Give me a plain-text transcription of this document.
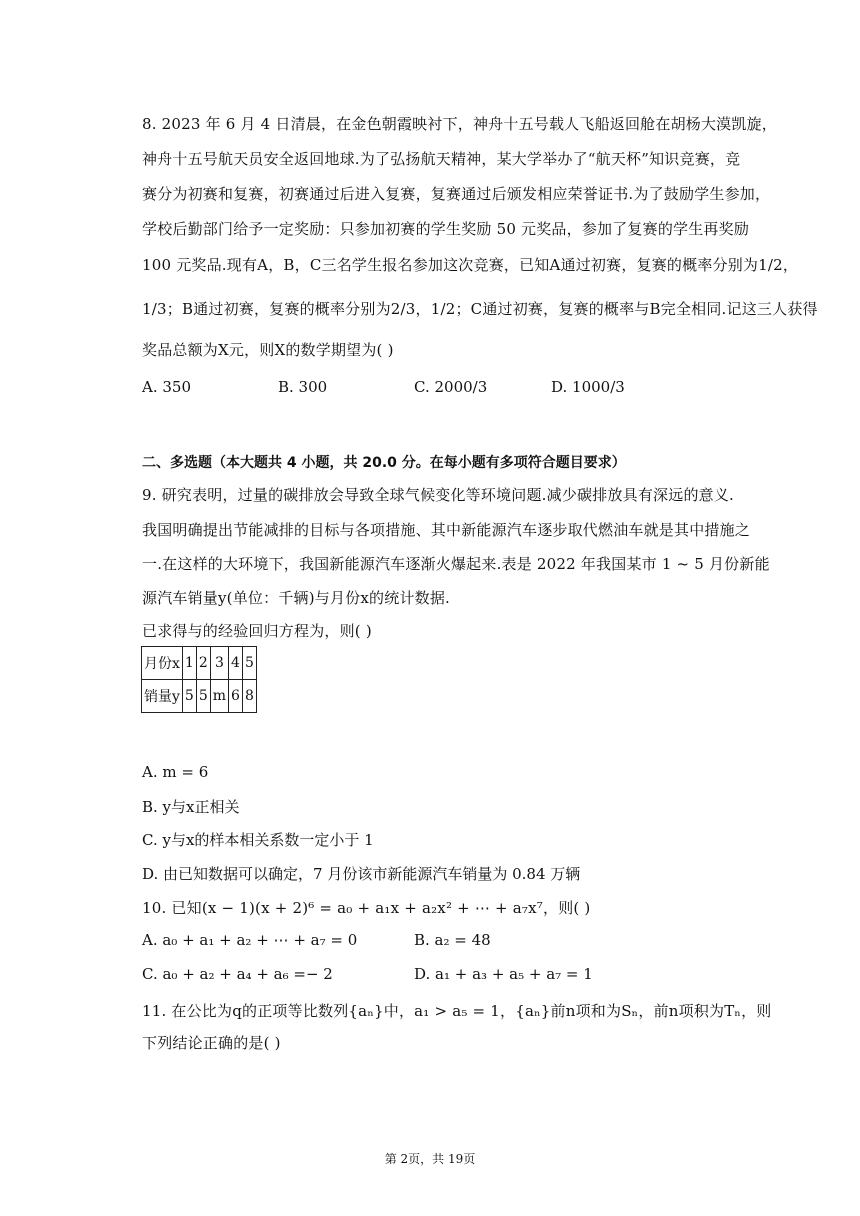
8. 2023 年 6 月 4 日清晨，在金色朝霞映衬下，神舟十五号载人飞船返回舱在胡杨大漠凯旋，
神舟十五号航天员安全返回地球.为了弘扬航天精神，某大学举办了“航天杯”知识竞赛，竞
赛分为初赛和复赛，初赛通过后进入复赛，复赛通过后颁发相应荣誉证书.为了鼓励学生参加，
学校后勤部门给予一定奖励：只参加初赛的学生奖励 50 元奖品，参加了复赛的学生再奖励
100 元奖品.现有A，B，C三名学生报名参加这次竞赛，已知A通过初赛，复赛的概率分别为1/2，
1/3；B通过初赛，复赛的概率分别为2/3，1/2；C通过初赛，复赛的概率与B完全相同.记这三人获得
奖品总额为X元，则X的数学期望为( )
A. 350	B. 300	C. 2000/3	D. 1000/3
二、多选题（本大题共 4 小题，共 20.0 分。在每小题有多项符合题目要求）
9. 研究表明，过量的碳排放会导致全球气候变化等环境问题.减少碳排放具有深远的意义.
我国明确提出节能减排的目标与各项措施、其中新能源汽车逐步取代燃油车就是其中措施之
一.在这样的大环境下，我国新能源汽车逐渐火爆起来.表是 2022 年我国某市 1 ~ 5 月份新能
源汽车销量y(单位：千辆)与月份x的统计数据.
已求得与的经验回归方程为，则( )
月份x	1	2	3	4	5
销量y	5	5	m	6	8
A. m = 6
B. y与x正相关
C. y与x的样本相关系数一定小于 1
D. 由已知数据可以确定，7 月份该市新能源汽车销量为 0.84 万辆
10. 已知(x − 1)(x + 2)⁶ = a₀ + a₁x + a₂x² + ⋯ + a₇x⁷，则( )
A. a₀ + a₁ + a₂ + ⋯ + a₇ = 0	B. a₂ = 48
C. a₀ + a₂ + a₄ + a₆ =− 2	D. a₁ + a₃ + a₅ + a₇ = 1
11. 在公比为q的正项等比数列{aₙ}中，a₁ > a₅ = 1，{aₙ}前n项和为Sₙ，前n项积为Tₙ，则
下列结论正确的是( )
第 2页，共 19页
